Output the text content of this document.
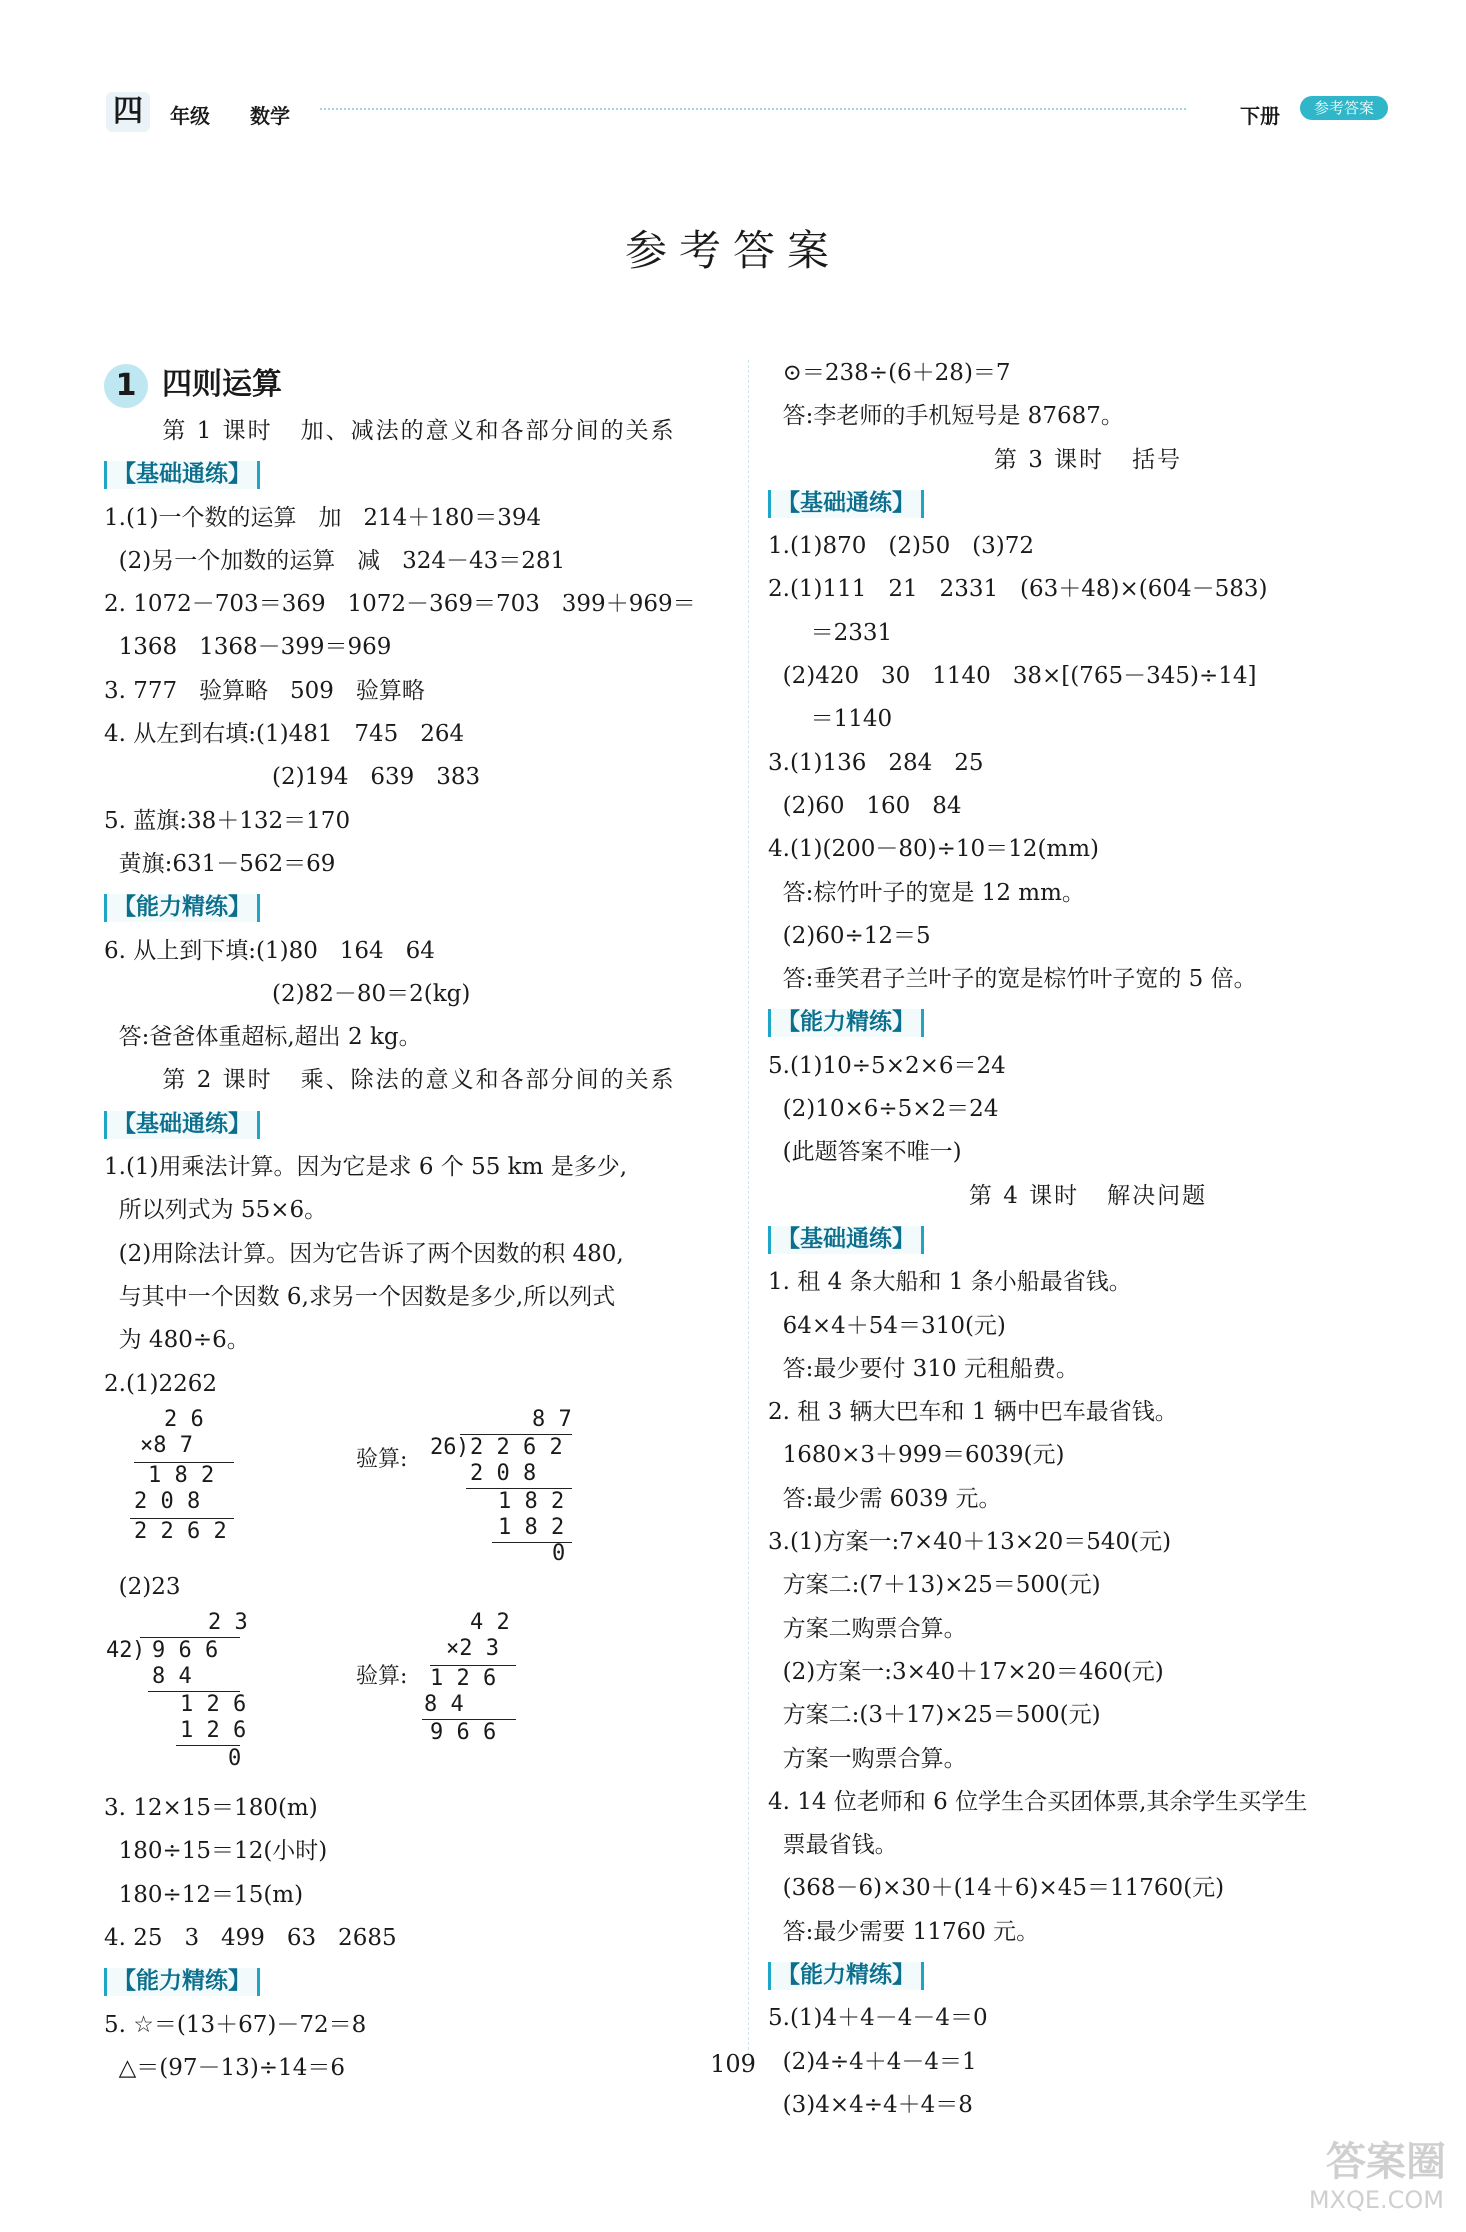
四	年级 数学	下册	参考答案
参考答案
1 四则运算
第 1 课时   加、减法的意义和各部分间的关系
【基础通练】
1.(1)一个数的运算   加   214＋180＝394
(2)另一个加数的运算   减   324－43＝281
2. 1072－703＝369   1072－369＝703   399＋969＝
1368   1368－399＝969
3. 777   验算略   509   验算略
4. 从左到右填:(1)481   745   264
(2)194   639   383
5. 蓝旗:38＋132＝170
黄旗:631－562＝69
【能力精练】
6. 从上到下填:(1)80   164   64
(2)82－80＝2(kg)
答:爸爸体重超标,超出 2 kg。
第 2 课时   乘、除法的意义和各部分间的关系
【基础通练】
1.(1)用乘法计算。因为它是求 6 个 55 km 是多少,
所以列式为 55×6。
(2)用除法计算。因为它告诉了两个因数的积 480,
与其中一个因数 6,求另一个因数是多少,所以列式
为 480÷6。
2.(1)2262
2 6
×8 7
1 8 2
2 0 8
2 2 6 2
验算:
8 7
26 ) 2 2 6 2
2 0 8
1 8 2
1 8 2
0
(2)23
2 3
42 ) 9 6 6
8 4
1 2 6
1 2 6
0
验算:
4 2
×2 3
1 2 6
8 4
9 6 6
3. 12×15＝180(m)
180÷15＝12(小时)
180÷12＝15(m)
4. 25   3   499   63   2685
【能力精练】
5. ☆＝(13＋67)－72＝8
△＝(97－13)÷14＝6
⊙＝238÷(6＋28)＝7
答:李老师的手机短号是 87687。
第 3 课时   括号
【基础通练】
1.(1)870   (2)50   (3)72
2.(1)111   21   2331   (63＋48)×(604－583)
＝2331
(2)420   30   1140   38×[(765－345)÷14]
＝1140
3.(1)136   284   25
(2)60   160   84
4.(1)(200－80)÷10＝12(mm)
答:棕竹叶子的宽是 12 mm。
(2)60÷12＝5
答:垂笑君子兰叶子的宽是棕竹叶子宽的 5 倍。
【能力精练】
5.(1)10÷5×2×6＝24
(2)10×6÷5×2＝24
(此题答案不唯一)
第 4 课时   解决问题
【基础通练】
1. 租 4 条大船和 1 条小船最省钱。
64×4＋54＝310(元)
答:最少要付 310 元租船费。
2. 租 3 辆大巴车和 1 辆中巴车最省钱。
1680×3＋999＝6039(元)
答:最少需 6039 元。
3.(1)方案一:7×40＋13×20＝540(元)
方案二:(7＋13)×25＝500(元)
方案二购票合算。
(2)方案一:3×40＋17×20＝460(元)
方案二:(3＋17)×25＝500(元)
方案一购票合算。
4. 14 位老师和 6 位学生合买团体票,其余学生买学生
票最省钱。
(368－6)×30＋(14＋6)×45＝11760(元)
答:最少需要 11760 元。
【能力精练】
5.(1)4＋4－4－4＝0
(2)4÷4＋4－4＝1
(3)4×4÷4＋4＝8
109
答案圈
MXQE.COM
